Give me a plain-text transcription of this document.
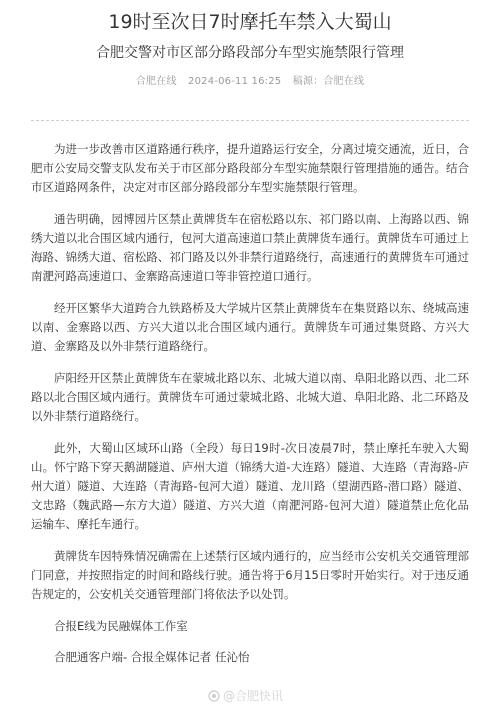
19时至次日7时摩托车禁入大蜀山
合肥交警对市区部分路段部分车型实施禁限行管理
合肥在线 2024-06-11 16:25 稿源：合肥在线

为进一步改善市区道路通行秩序，提升道路运行安全，分离过境交通流，近日，合肥市公安局交警支队发布关于市区部分路段部分车型实施禁限行管理措施的通告。结合市区道路网条件，决定对市区部分路段部分车型实施禁限行管理。

通告明确，园博园片区禁止黄牌货车在宿松路以东、祁门路以南、上海路以西、锦绣大道以北合围区域内通行，包河大道高速道口禁止黄牌货车通行。黄牌货车可通过上海路、锦绣大道、宿松路、祁门路及以外非禁行道路绕行，高速通行的黄牌货车可通过南淝河路高速道口、金寨路高速道口等非管控道口通行。

经开区繁华大道跨合九铁路桥及大学城片区禁止黄牌货车在集贤路以东、绕城高速以南、金寨路以西、方兴大道以北合围区域内通行。黄牌货车可通过集贤路、方兴大道、金寨路及以外非禁行道路绕行。

庐阳经开区禁止黄牌货车在蒙城北路以东、北城大道以南、阜阳北路以西、北二环路以北合围区域内通行。黄牌货车可通过蒙城北路、北城大道、阜阳北路、北二环路及以外非禁行道路绕行。

此外，大蜀山区域环山路（全段）每日19时-次日凌晨7时，禁止摩托车驶入大蜀山。怀宁路下穿天鹅湖隧道、庐州大道（锦绣大道-大连路）隧道、大连路（青海路-庐州大道）隧道、大连路（青海路-包河大道）隧道、龙川路（望湖西路-潜口路）隧道、文忠路（魏武路—东方大道）隧道、方兴大道（南淝河路-包河大道）隧道禁止危化品运输车、摩托车通行。

黄牌货车因特殊情况确需在上述禁行区域内通行的，应当经市公安机关交通管理部门同意，并按照指定的时间和路线行驶。通告将于6月15日零时开始实行。对于违反通告规定的，公安机关交通管理部门将依法予以处罚。

合报E线为民融媒体工作室

合肥通客户端- 合报全媒体记者 任沁怡

@合肥快讯
